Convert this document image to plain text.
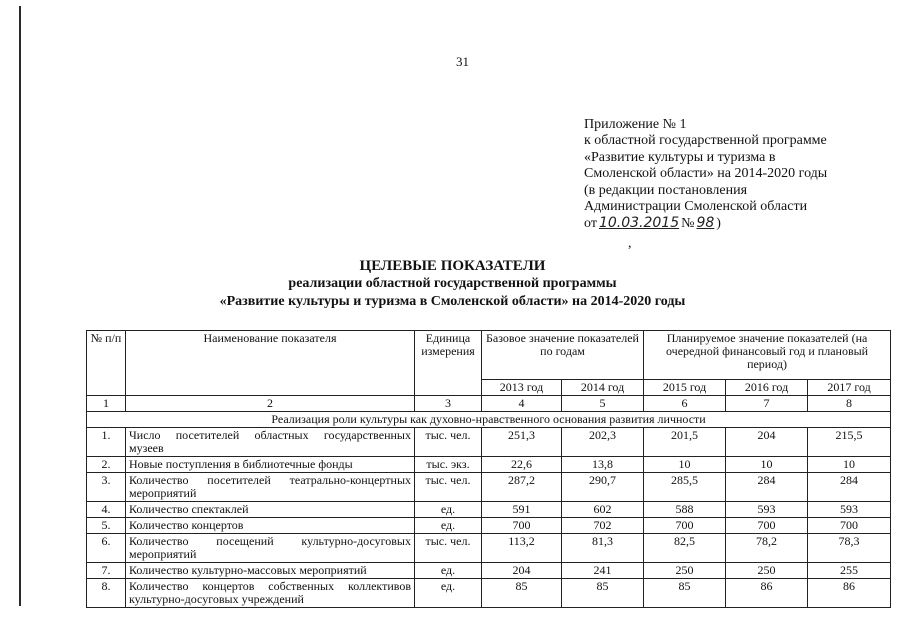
31
Приложение № 1
к областной государственной программе
«Развитие культуры и туризма в
Смоленской области» на 2014-2020 годы
(в редакции постановления
Администрации Смоленской области
от 10.03.2015 № 98 )
,
ЦЕЛЕВЫЕ ПОКАЗАТЕЛИ
реализации областной государственной программы
«Развитие культуры и туризма в Смоленской области» на 2014-2020 годы
№ п/п	Наименование показателя	Единица измерения	Базовое значение показателей по годам		Планируемое значение показателей (на очередной финансовый год и плановый период)		
			2013 год	2014 год	2015 год	2016 год	2017 год
1	2	3	4	5	6	7	8
Реализация роли культуры как духовно-нравственного основания развития личности							
1.	Число посетителей областных государственных музеев	тыс. чел.	251,3	202,3	201,5	204	215,5
2.	Новые поступления в библиотечные фонды	тыс. экз.	22,6	13,8	10	10	10
3.	Количество посетителей театрально-концертных мероприятий	тыс. чел.	287,2	290,7	285,5	284	284
4.	Количество спектаклей	ед.	591	602	588	593	593
5.	Количество концертов	ед.	700	702	700	700	700
6.	Количество посещений культурно-досуговых мероприятий	тыс. чел.	113,2	81,3	82,5	78,2	78,3
7.	Количество культурно-массовых мероприятий	ед.	204	241	250	250	255
8.	Количество концертов собственных коллективов культурно-досуговых учреждений	ед.	85	85	85	86	86
